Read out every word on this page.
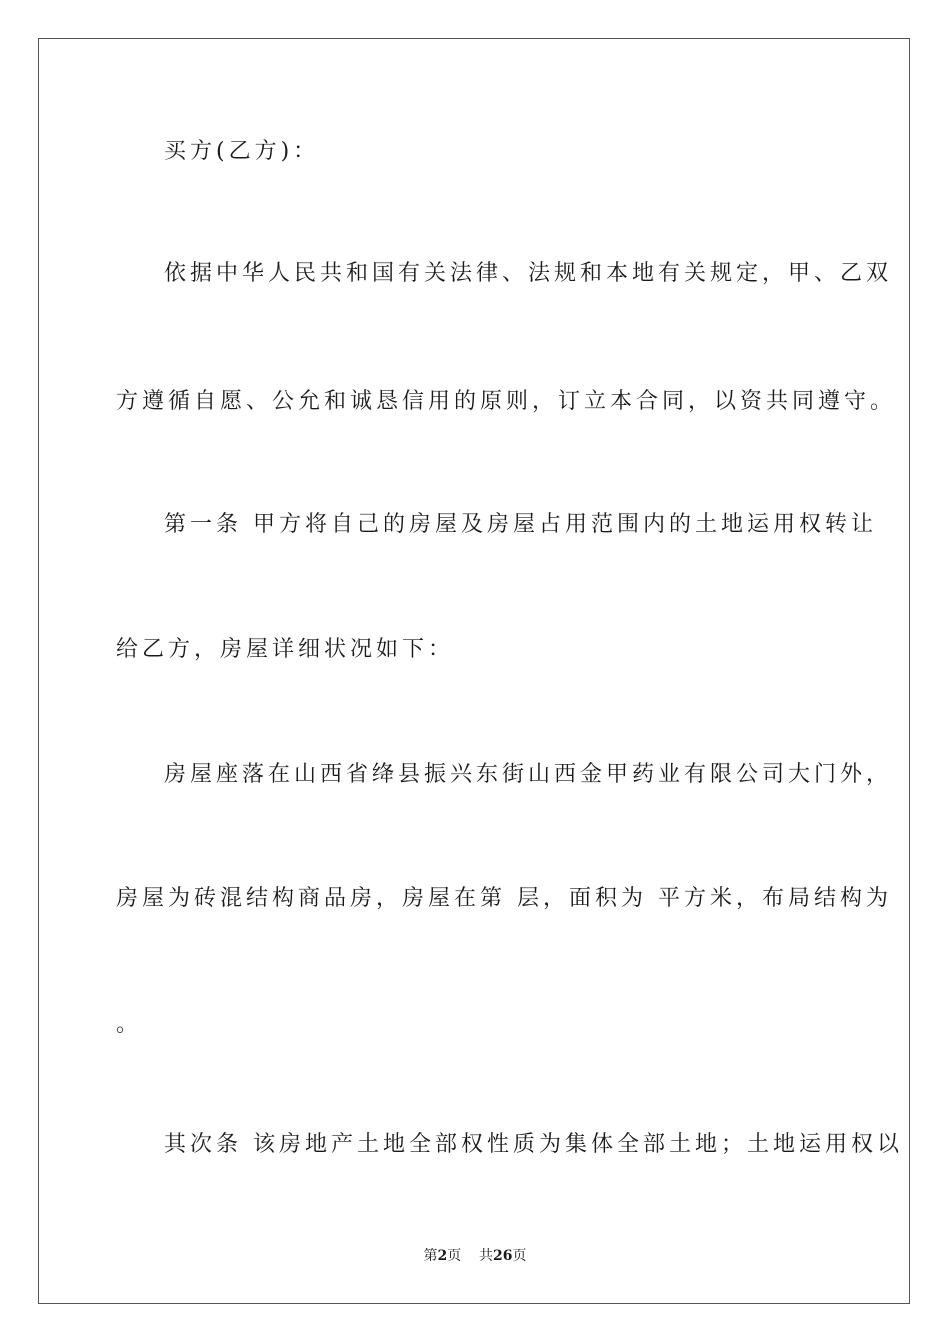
买方(乙方)：
依据中华人民共和国有关法律、法规和本地有关规定，甲、乙双
方遵循自愿、公允和诚恳信用的原则，订立本合同，以资共同遵守。
第一条 甲方将自己的房屋及房屋占用范围内的土地运用权转让
给乙方，房屋详细状况如下：
房屋座落在山西省绛县振兴东街山西金甲药业有限公司大门外，
房屋为砖混结构商品房，房屋在第 层，面积为 平方米，布局结构为
。
其次条 该房地产土地全部权性质为集体全部土地；土地运用权以
第2页 共26页
